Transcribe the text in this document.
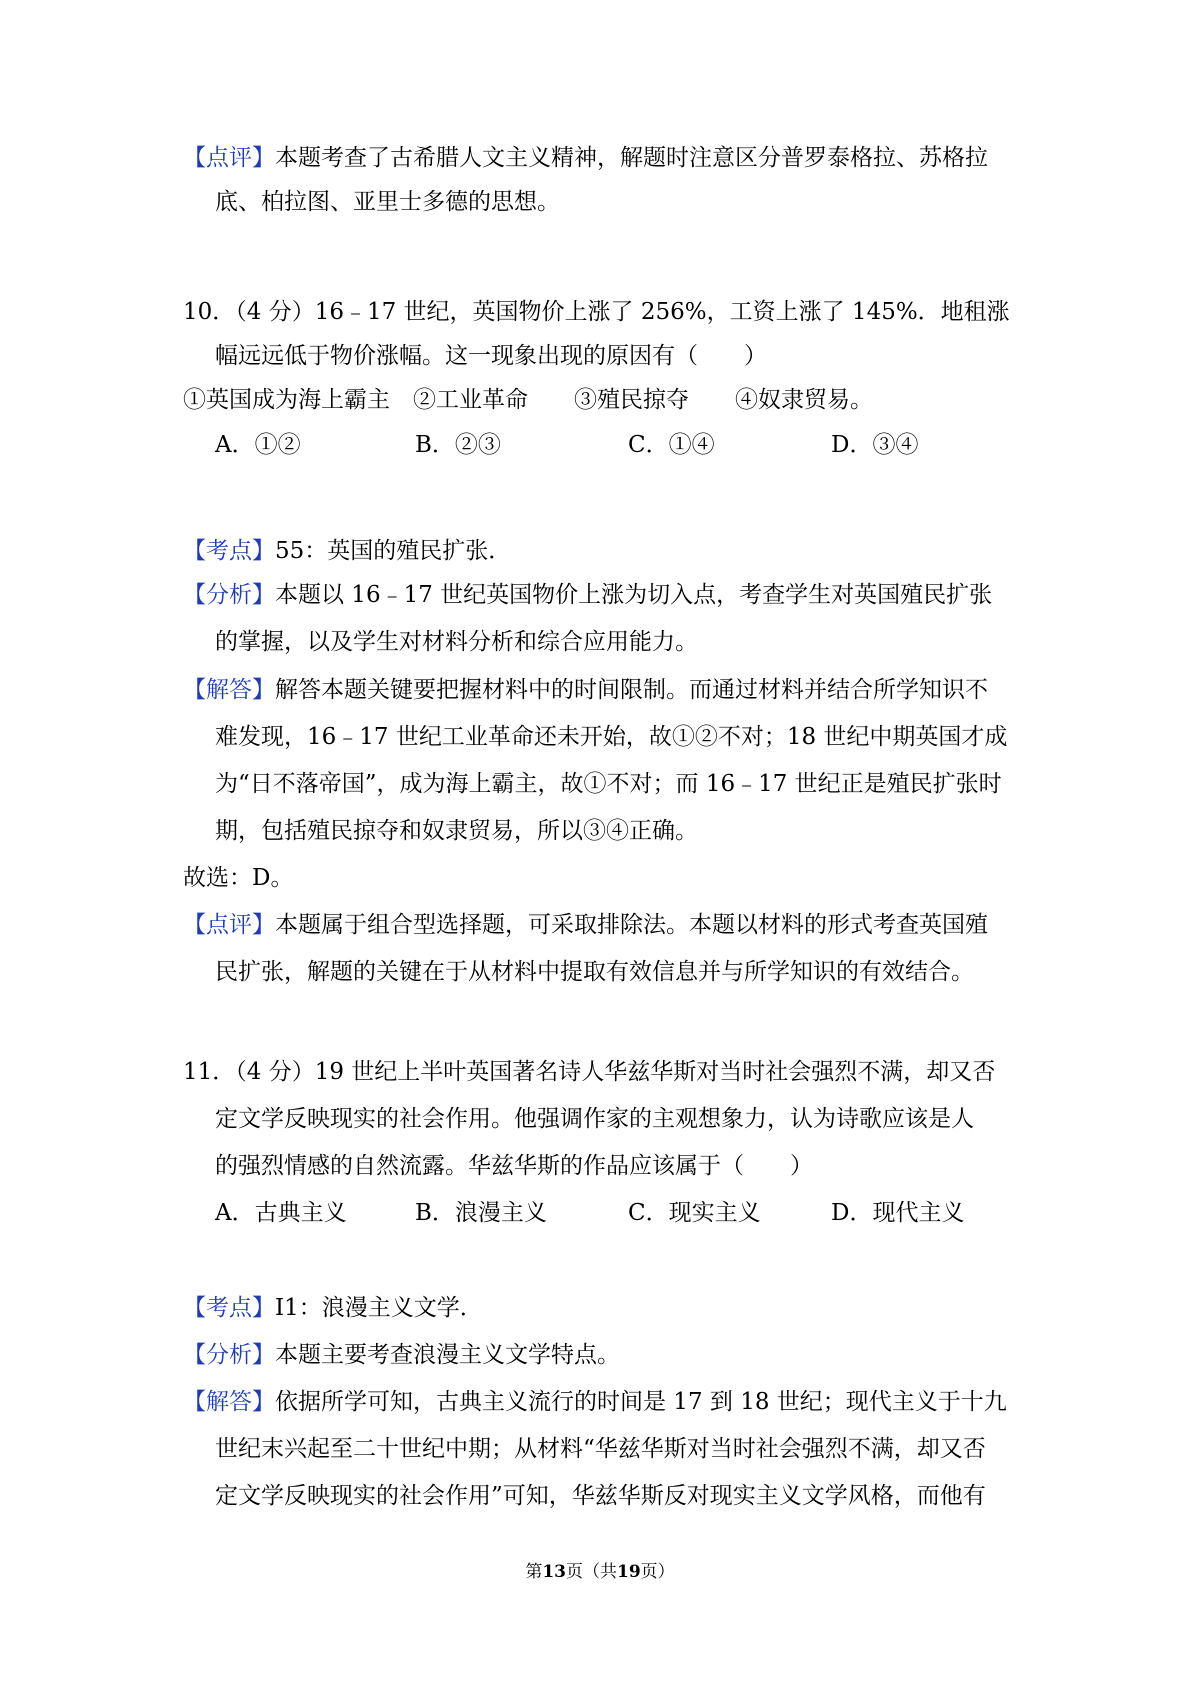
【点评】本题考查了古希腊人文主义精神，解题时注意区分普罗泰格拉、苏格拉
底、柏拉图、亚里士多德的思想。
10．（4 分）16﹣17 世纪，英国物价上涨了 256%，工资上涨了 145%．地租涨
幅远远低于物价涨幅。这一现象出现的原因有（　　）
①英国成为海上霸主　②工业革命　　③殖民掠夺　　④奴隶贸易。
A．①②	B．②③	C．①④	D．③④
【考点】55：英国的殖民扩张．
【分析】本题以 16﹣17 世纪英国物价上涨为切入点，考查学生对英国殖民扩张
的掌握，以及学生对材料分析和综合应用能力。
【解答】解答本题关键要把握材料中的时间限制。而通过材料并结合所学知识不
难发现，16﹣17 世纪工业革命还未开始，故①②不对；18 世纪中期英国才成
为“日不落帝国”，成为海上霸主，故①不对；而 16﹣17 世纪正是殖民扩张时
期，包括殖民掠夺和奴隶贸易，所以③④正确。
故选：D。
【点评】本题属于组合型选择题，可采取排除法。本题以材料的形式考查英国殖
民扩张，解题的关键在于从材料中提取有效信息并与所学知识的有效结合。
11．（4 分）19 世纪上半叶英国著名诗人华兹华斯对当时社会强烈不满，却又否
定文学反映现实的社会作用。他强调作家的主观想象力，认为诗歌应该是人
的强烈情感的自然流露。华兹华斯的作品应该属于（　　）
A．古典主义	B．浪漫主义	C．现实主义	D．现代主义
【考点】I1：浪漫主义文学．
【分析】本题主要考查浪漫主义文学特点。
【解答】依据所学可知，古典主义流行的时间是 17 到 18 世纪；现代主义于十九
世纪末兴起至二十世纪中期；从材料“华兹华斯对当时社会强烈不满，却又否
定文学反映现实的社会作用”可知，华兹华斯反对现实主义文学风格，而他有
第13页（共19页）
